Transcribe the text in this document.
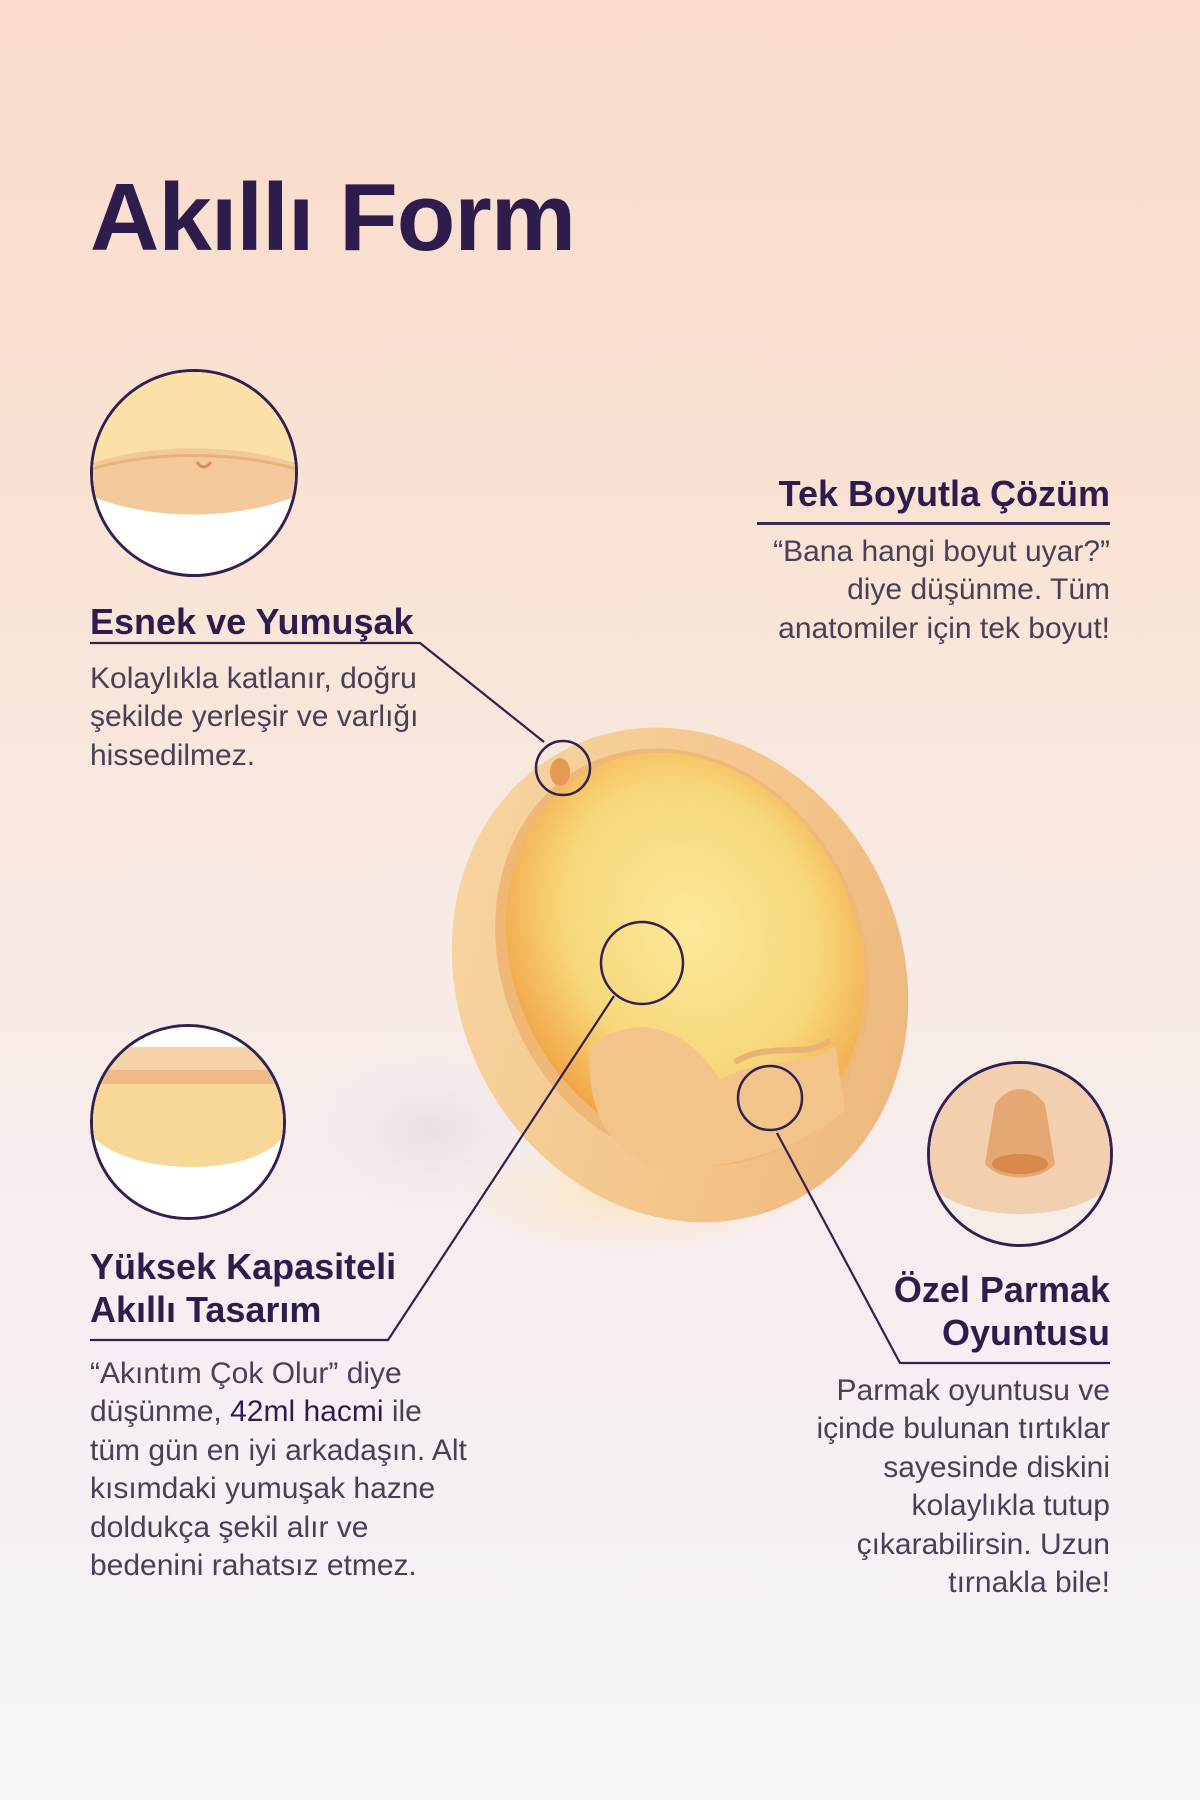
Akıllı Form
Esnek ve Yumuşak
Kolaylıkla katlanır, doğru şekilde yerleşir ve varlığı hissedilmez.
Tek Boyutla Çözüm
“Bana hangi boyut uyar?”
diye düşünme. Tüm
anatomiler için tek boyut!
Yüksek Kapasiteli
Akıllı Tasarım
“Akıntım Çok Olur” diye düşünme, 42ml hacmi ile tüm gün en iyi arkadaşın. Alt kısımdaki yumuşak hazne doldukça şekil alır ve bedenini rahatsız etmez.
Özel Parmak
Oyuntusu
Parmak oyuntusu ve
içinde bulunan tırtıklar
sayesinde diskini
kolaylıkla tutup
çıkarabilirsin. Uzun
tırnakla bile!
